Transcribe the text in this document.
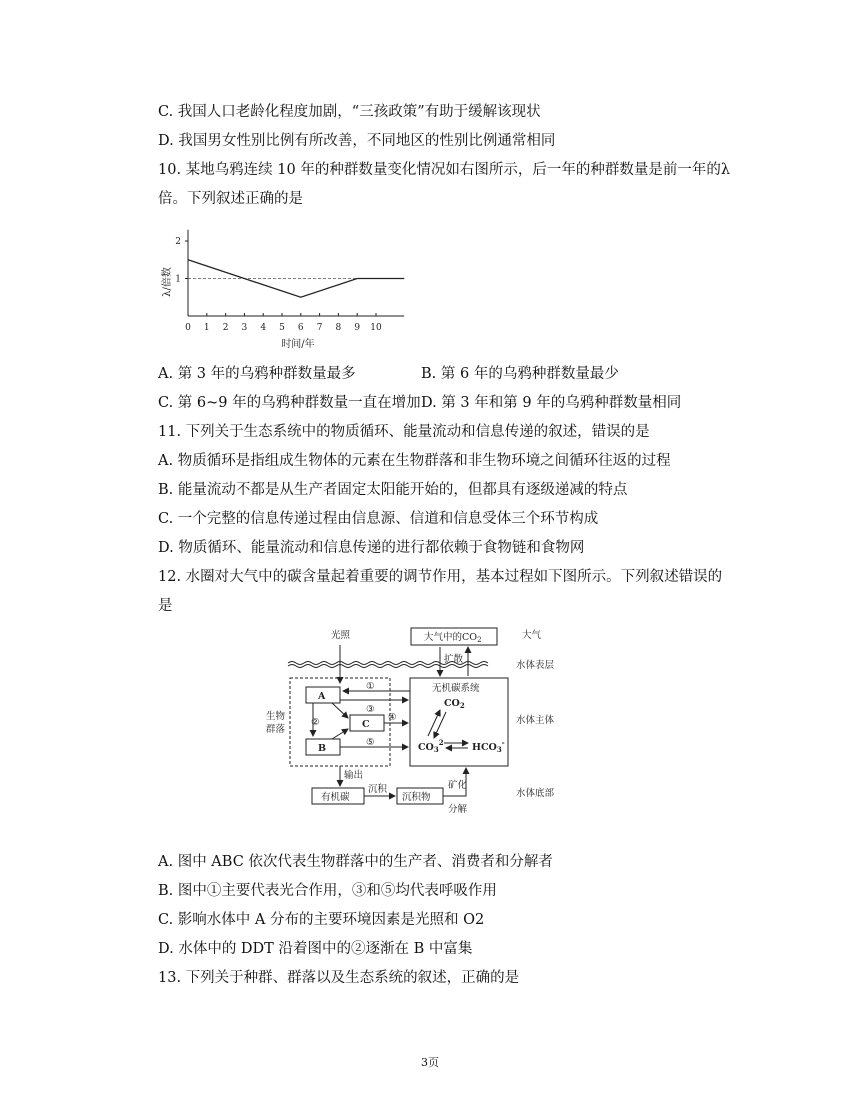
C. 我国人口老龄化程度加剧，“三孩政策”有助于缓解该现状
D. 我国男女性别比例有所改善，不同地区的性别比例通常相同
10. 某地乌鸦连续 10 年的种群数量变化情况如右图所示，后一年的种群数量是前一年的λ
倍。下列叙述正确的是
0 1 2 3 4 5 6 7 8 9 10
1
2
λ/倍数
时间/年
A. 第 3 年的乌鸦种群数量最多	B. 第 6 年的乌鸦种群数量最少
C. 第 6~9 年的乌鸦种群数量一直在增加 D. 第 3 年和第 9 年的乌鸦种群数量相同
11. 下列关于生态系统中的物质循环、能量流动和信息传递的叙述，错误的是
A. 物质循环是指组成生物体的元素在生物群落和非生物环境之间循环往返的过程
B. 能量流动不都是从生产者固定太阳能开始的，但都具有逐级递减的特点
C. 一个完整的信息传递过程由信息源、信道和信息受体三个环节构成
D. 物质循环、能量流动和信息传递的进行都依赖于食物链和食物网
12. 水圈对大气中的碳含量起着重要的调节作用，基本过程如下图所示。下列叙述错误的
是
光照	大气中的$CO_2$	大气
扩散
水体表层
水体主体
水体底部
生物
群落
A
B
C
无机碳系统
$CO_2$
$CO_3^{2-}$	$HCO_3^-$
①
③
④
⑤
②
输出
有机碳
沉积
沉积物
矿化
分解
A. 图中 ABC 依次代表生物群落中的生产者、消费者和分解者
B. 图中①主要代表光合作用，③和⑤均代表呼吸作用
C. 影响水体中 A 分布的主要环境因素是光照和 O2
D. 水体中的 DDT 沿着图中的②逐渐在 B 中富集
13. 下列关于种群、群落以及生态系统的叙述，正确的是
3页
